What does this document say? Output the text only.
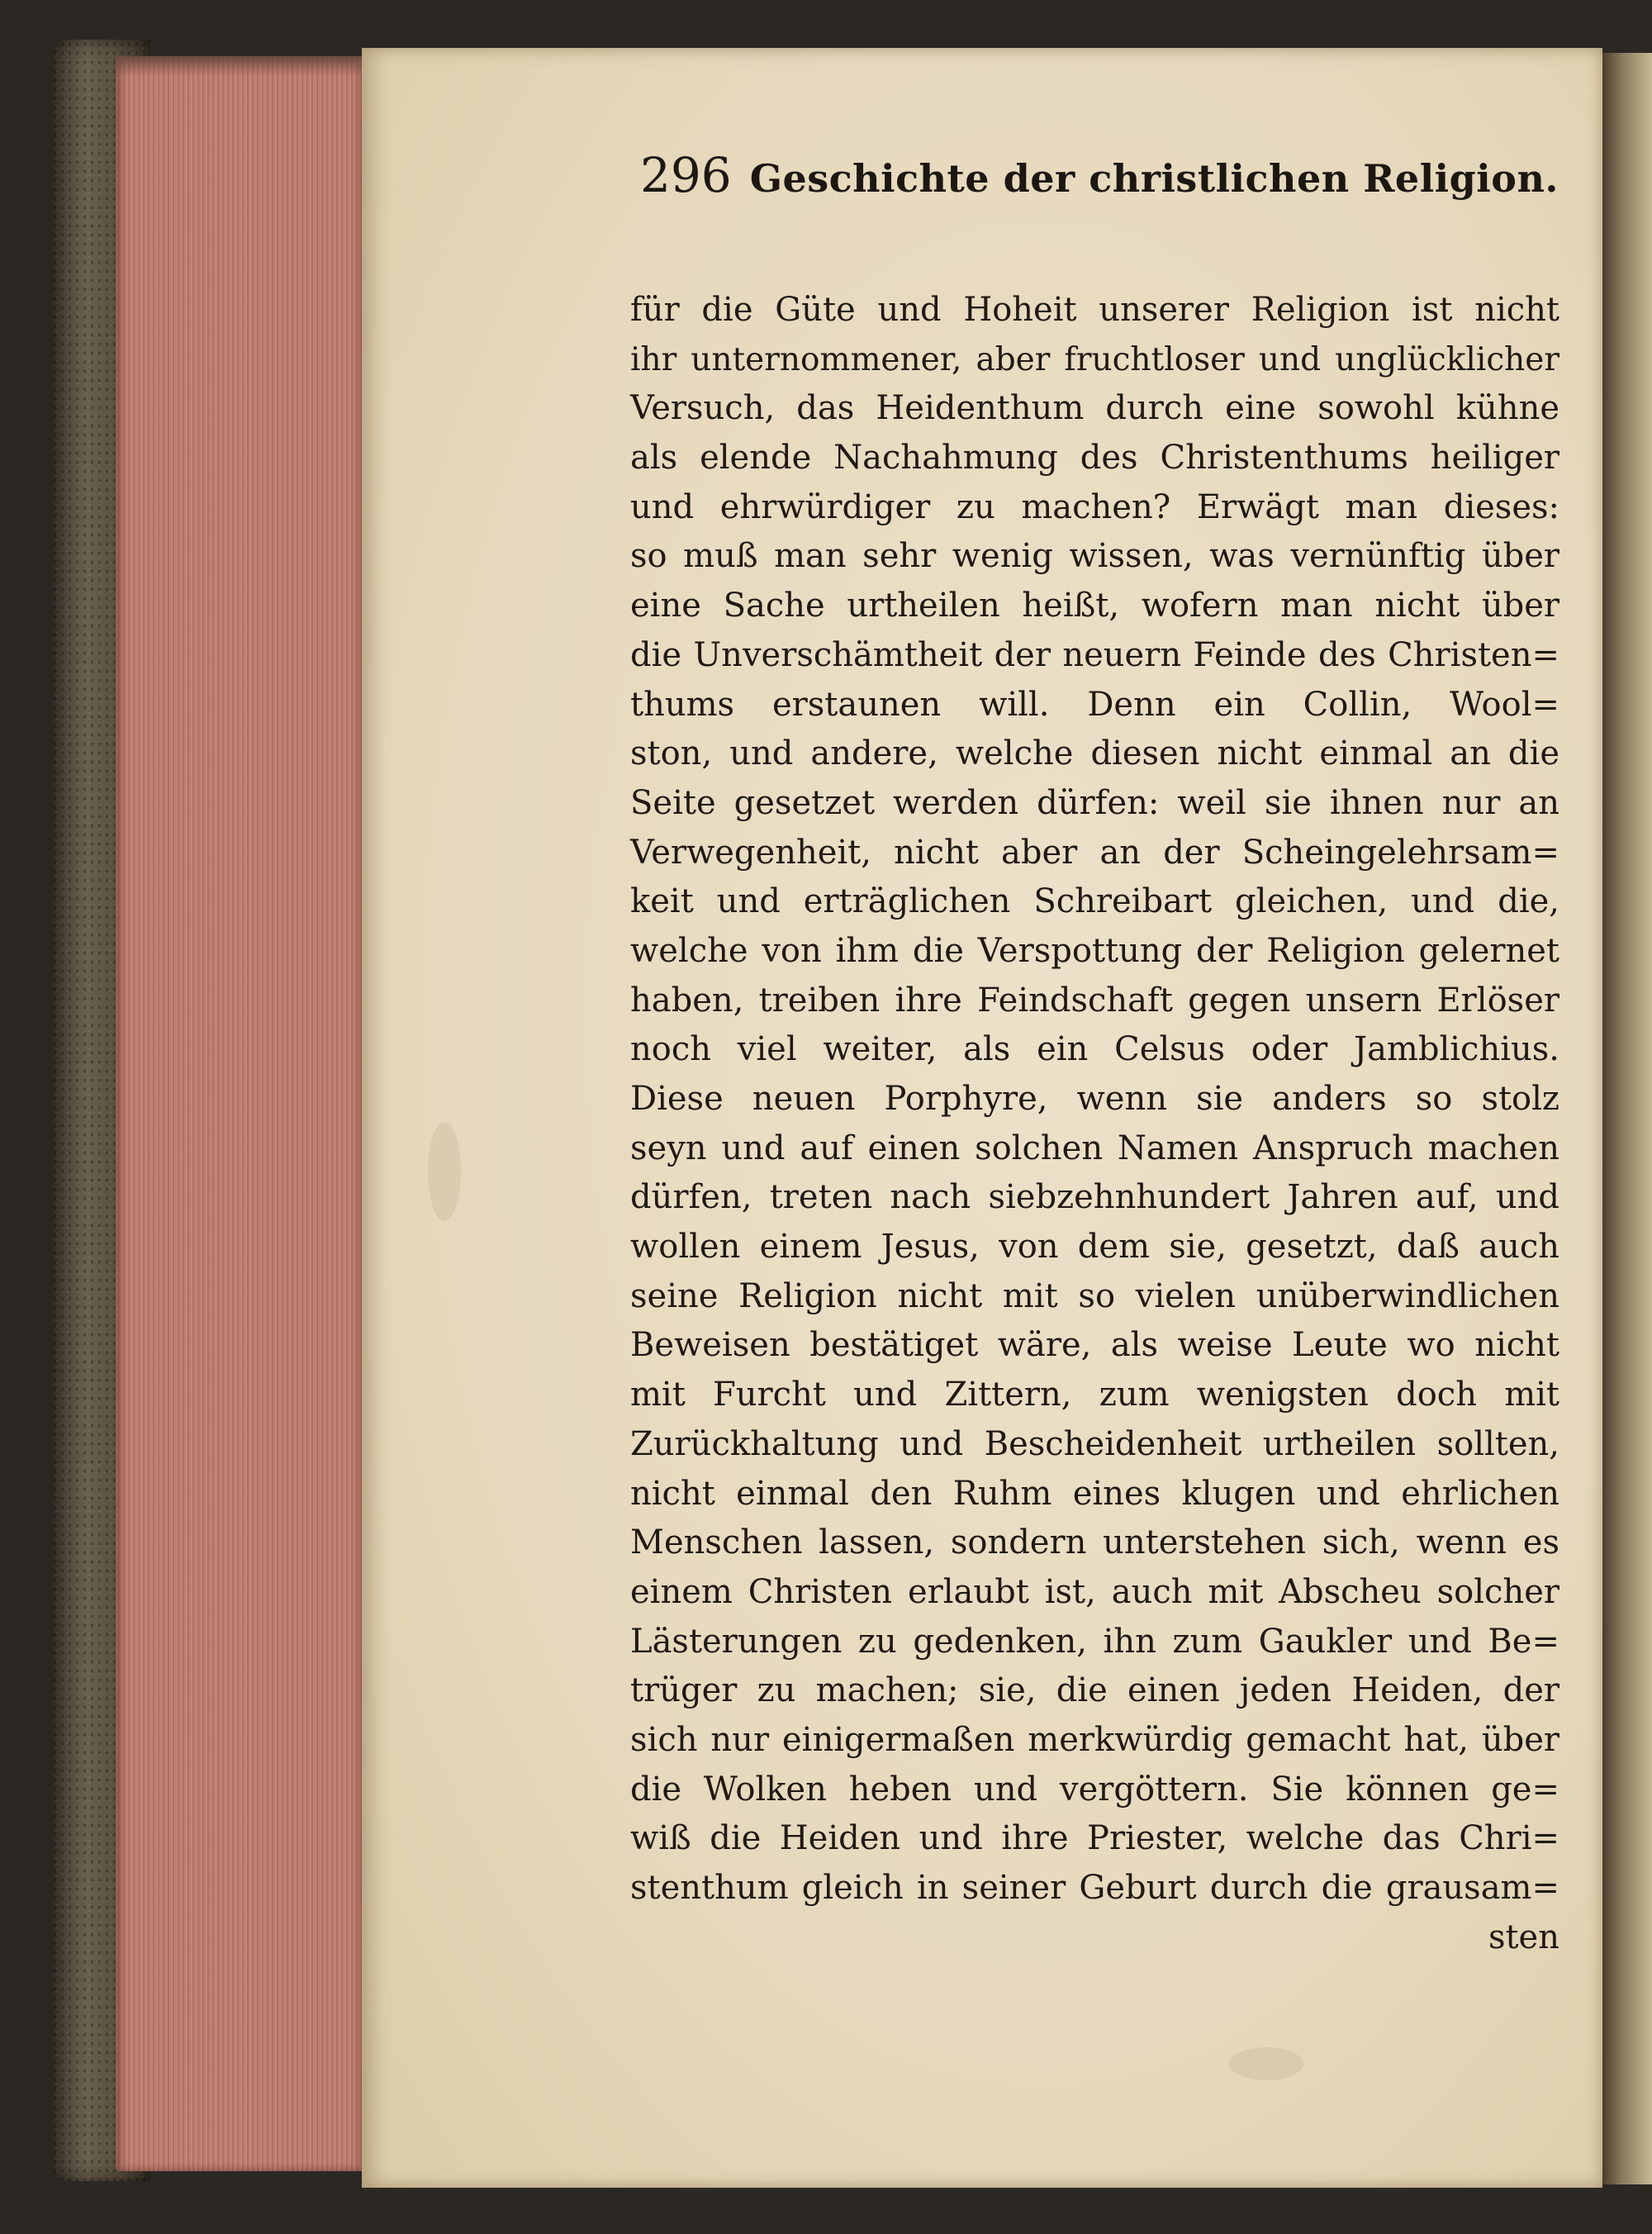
296 Geschichte der christlichen Religion.
für die Güte und Hoheit unserer Religion ist nicht
ihr unternommener, aber fruchtloser und unglücklicher
Versuch, das Heidenthum durch eine sowohl kühne
als elende Nachahmung des Christenthums heiliger
und ehrwürdiger zu machen? Erwägt man dieses:
so muß man sehr wenig wissen, was vernünftig über
eine Sache urtheilen heißt, wofern man nicht über
die Unverschämtheit der neuern Feinde des Christen=
thums erstaunen will. Denn ein Collin, Wool=
ston, und andere, welche diesen nicht einmal an die
Seite gesetzet werden dürfen: weil sie ihnen nur an
Verwegenheit, nicht aber an der Scheingelehrsam=
keit und erträglichen Schreibart gleichen, und die,
welche von ihm die Verspottung der Religion gelernet
haben, treiben ihre Feindschaft gegen unsern Erlöser
noch viel weiter, als ein Celsus oder Jamblichius.
Diese neuen Porphyre, wenn sie anders so stolz
seyn und auf einen solchen Namen Anspruch machen
dürfen, treten nach siebzehnhundert Jahren auf, und
wollen einem Jesus, von dem sie, gesetzt, daß auch
seine Religion nicht mit so vielen unüberwindlichen
Beweisen bestätiget wäre, als weise Leute wo nicht
mit Furcht und Zittern, zum wenigsten doch mit
Zurückhaltung und Bescheidenheit urtheilen sollten,
nicht einmal den Ruhm eines klugen und ehrlichen
Menschen lassen, sondern unterstehen sich, wenn es
einem Christen erlaubt ist, auch mit Abscheu solcher
Lästerungen zu gedenken, ihn zum Gaukler und Be=
trüger zu machen; sie, die einen jeden Heiden, der
sich nur einigermaßen merkwürdig gemacht hat, über
die Wolken heben und vergöttern. Sie können ge=
wiß die Heiden und ihre Priester, welche das Chri=
stenthum gleich in seiner Geburt durch die grausam=
sten
